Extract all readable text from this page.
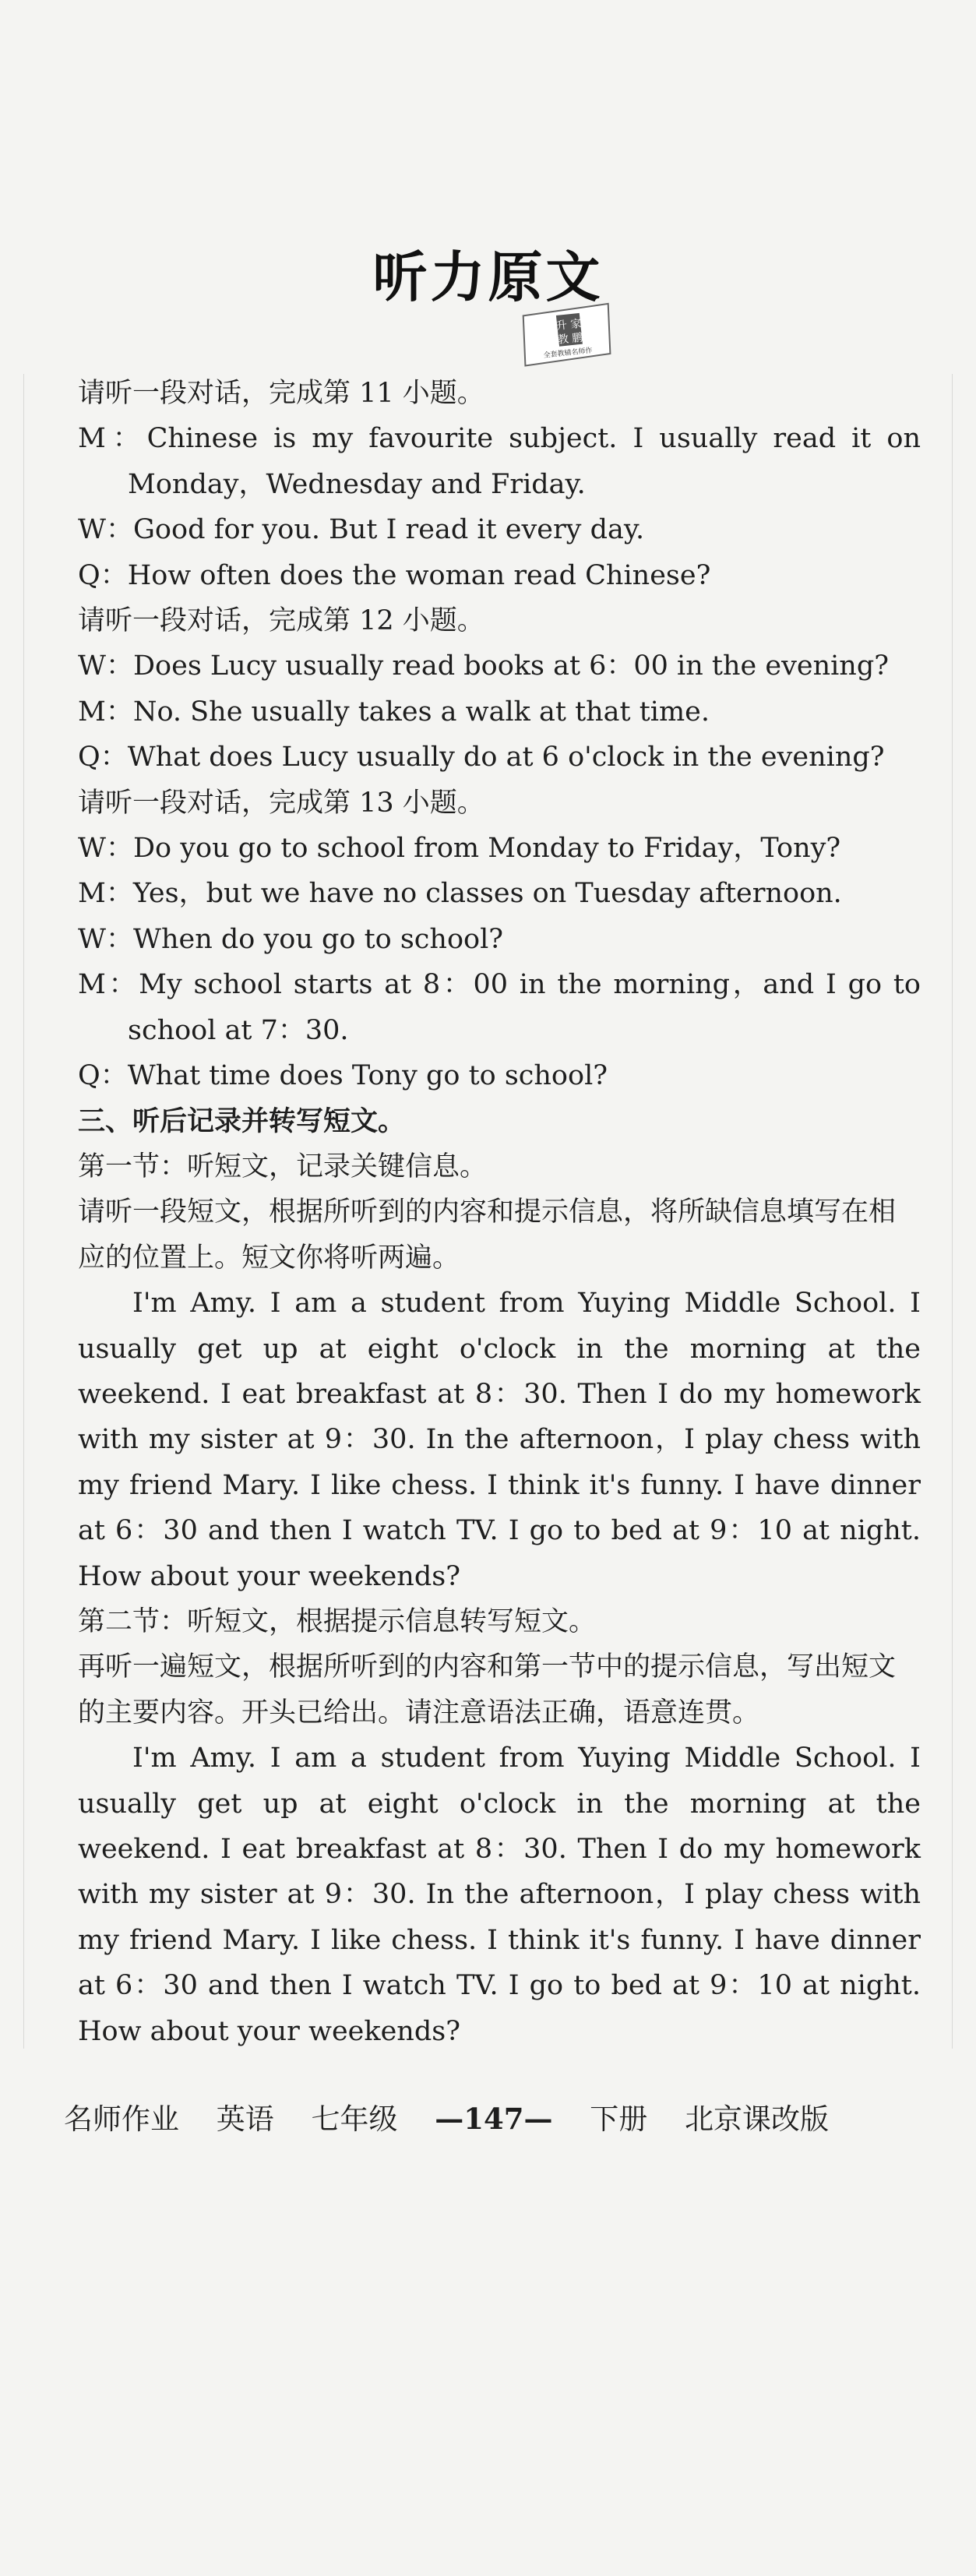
听力原文
升 家
教 鹏
全套教辅名师作

请听一段对话，完成第 11 小题。

M：Chinese is my favourite subject. I usually read it on Monday，Wednesday and Friday.

W：Good for you. But I read it every day.

Q：How often does the woman read Chinese?

请听一段对话，完成第 12 小题。

W：Does Lucy usually read books at 6：00 in the evening?

M：No. She usually takes a walk at that time.

Q：What does Lucy usually do at 6 o'clock in the evening?

请听一段对话，完成第 13 小题。

W：Do you go to school from Monday to Friday，Tony?

M：Yes，but we have no classes on Tuesday afternoon.

W：When do you go to school?

M：My school starts at 8：00 in the morning，and I go to school at 7：30.

Q：What time does Tony go to school?

三、听后记录并转写短文。

第一节：听短文，记录关键信息。

请听一段短文，根据所听到的内容和提示信息，将所缺信息填写在相应的位置上。短文你将听两遍。

I'm Amy. I am a student from Yuying Middle School. I usually get up at eight o'clock in the morning at the weekend. I eat breakfast at 8：30. Then I do my homework with my sister at 9：30. In the afternoon，I play chess with my friend Mary. I like chess. I think it's funny. I have dinner at 6：30 and then I watch TV. I go to bed at 9：10 at night. How about your weekends?

第二节：听短文，根据提示信息转写短文。

再听一遍短文，根据所听到的内容和第一节中的提示信息，写出短文的主要内容。开头已给出。请注意语法正确，语意连贯。

I'm Amy. I am a student from Yuying Middle School. I usually get up at eight o'clock in the morning at the weekend. I eat breakfast at 8：30. Then I do my homework with my sister at 9：30. In the afternoon，I play chess with my friend Mary. I like chess. I think it's funny. I have dinner at 6：30 and then I watch TV. I go to bed at 9：10 at night. How about your weekends?

名师作业 英语 七年级 —147— 下册 北京课改版
